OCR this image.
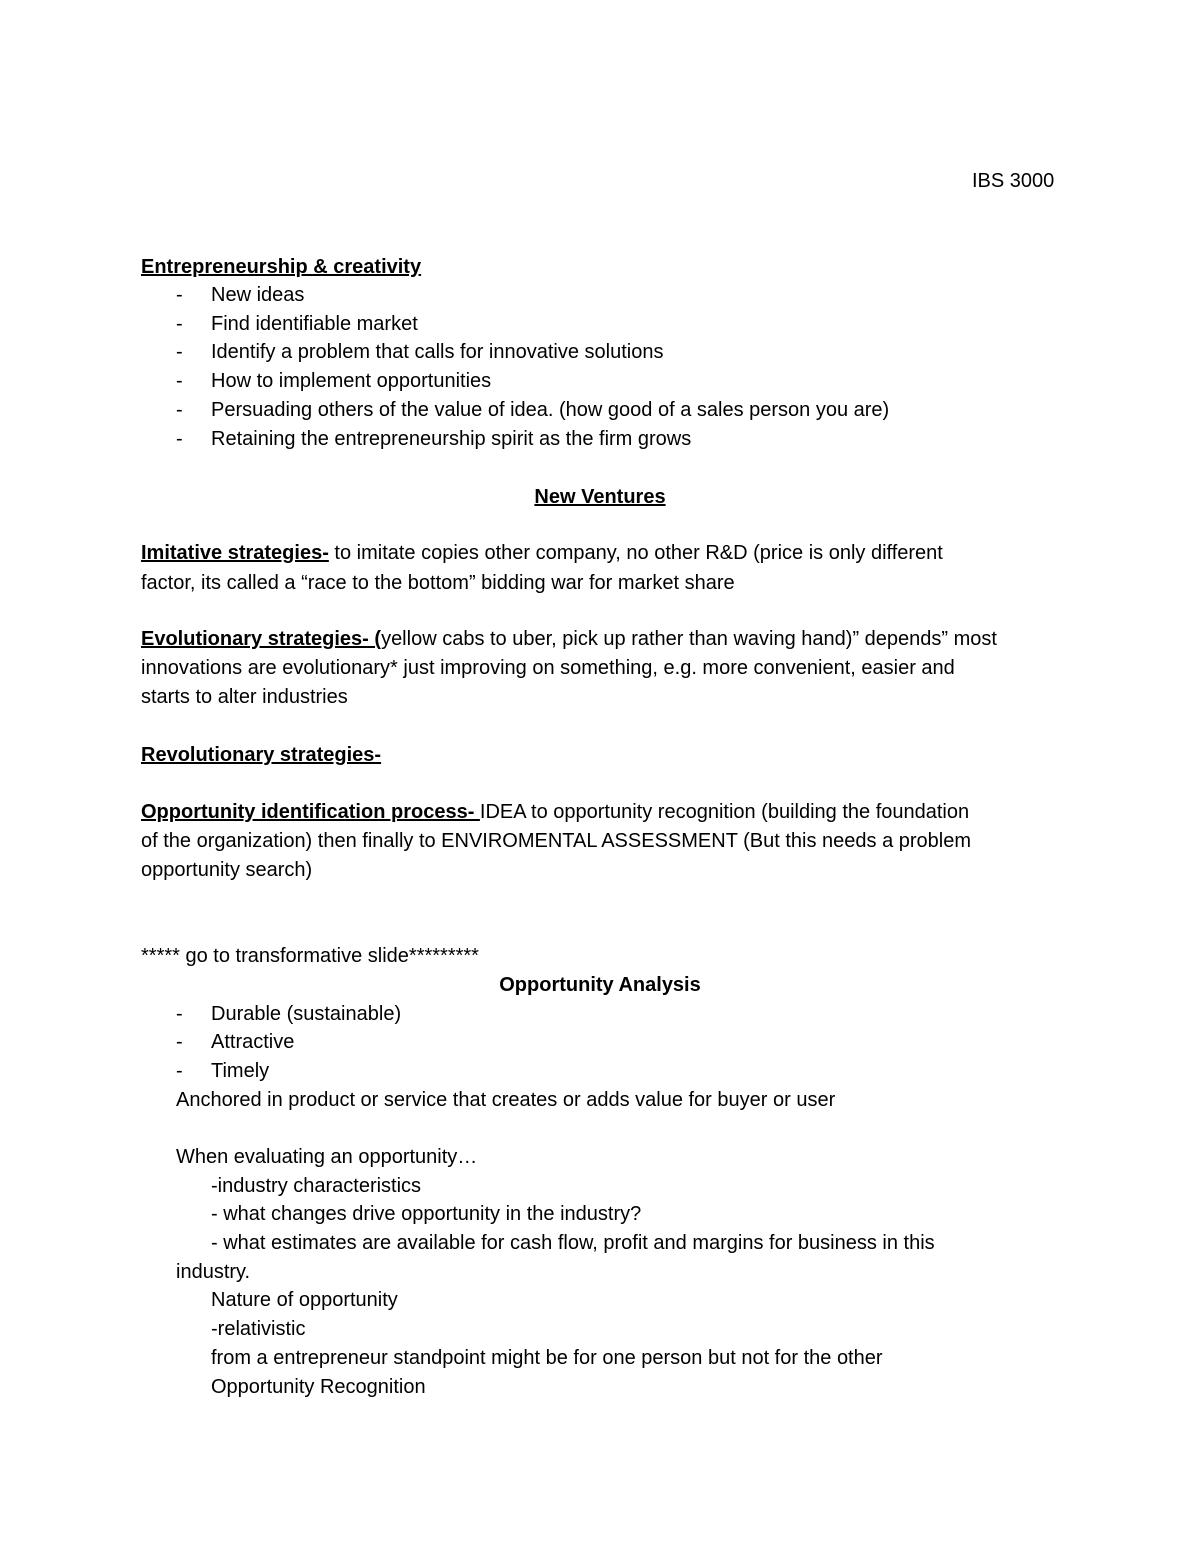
IBS 3000
Entrepreneurship & creativity
- New ideas
- Find identifiable market
- Identify a problem that calls for innovative solutions
- How to implement opportunities
- Persuading others of the value of idea. (how good of a sales person you are)
- Retaining the entrepreneurship spirit as the firm grows
New Ventures
Imitative strategies- to imitate copies other company, no other R&D (price is only different
factor, its called a “race to the bottom” bidding war for market share
Evolutionary strategies- (yellow cabs to uber, pick up rather than waving hand)” depends” most
innovations are evolutionary* just improving on something, e.g. more convenient, easier and
starts to alter industries
Revolutionary strategies-
Opportunity identification process- IDEA to opportunity recognition (building the foundation
of the organization) then finally to ENVIROMENTAL ASSESSMENT (But this needs a problem
opportunity search)
***** go to transformative slide*********
Opportunity Analysis
- Durable (sustainable)
- Attractive
- Timely
Anchored in product or service that creates or adds value for buyer or user
When evaluating an opportunity…
-industry characteristics
- what changes drive opportunity in the industry?
- what estimates are available for cash flow, profit and margins for business in this
industry.
Nature of opportunity
-relativistic
from a entrepreneur standpoint might be for one person but not for the other
Opportunity Recognition
